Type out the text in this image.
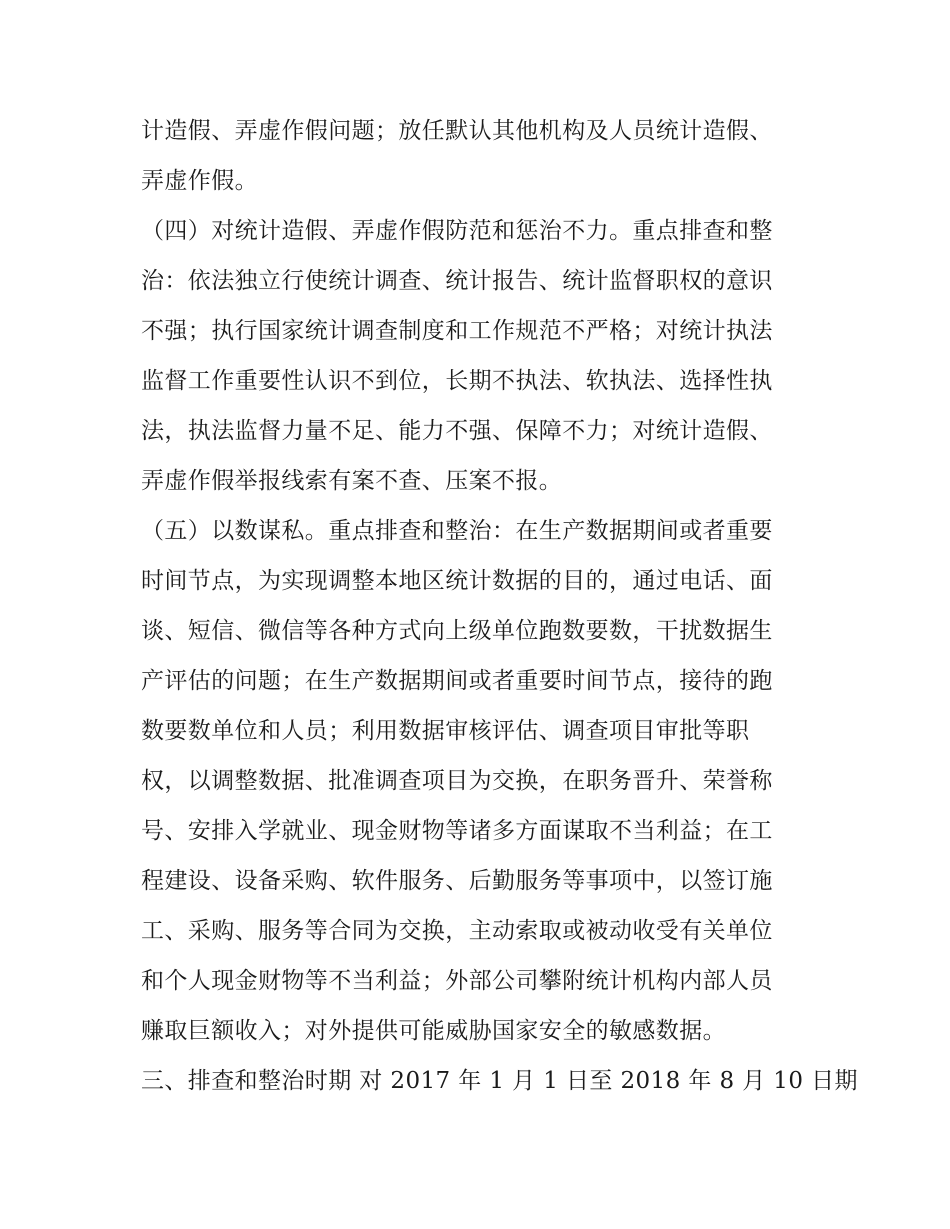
计造假、弄虚作假问题；放任默认其他机构及人员统计造假、
弄虚作假。
（四）对统计造假、弄虚作假防范和惩治不力。重点排查和整
治：依法独立行使统计调查、统计报告、统计监督职权的意识
不强；执行国家统计调查制度和工作规范不严格；对统计执法
监督工作重要性认识不到位，长期不执法、软执法、选择性执
法，执法监督力量不足、能力不强、保障不力；对统计造假、
弄虚作假举报线索有案不查、压案不报。
（五）以数谋私。重点排查和整治：在生产数据期间或者重要
时间节点，为实现调整本地区统计数据的目的，通过电话、面
谈、短信、微信等各种方式向上级单位跑数要数，干扰数据生
产评估的问题；在生产数据期间或者重要时间节点，接待的跑
数要数单位和人员；利用数据审核评估、调查项目审批等职
权，以调整数据、批准调查项目为交换，在职务晋升、荣誉称
号、安排入学就业、现金财物等诸多方面谋取不当利益；在工
程建设、设备采购、软件服务、后勤服务等事项中，以签订施
工、采购、服务等合同为交换，主动索取或被动收受有关单位
和个人现金财物等不当利益；外部公司攀附统计机构内部人员
赚取巨额收入；对外提供可能威胁国家安全的敏感数据。
三、排查和整治时期 对 2017 年 1 月 1 日至 2018 年 8 月 10 日期
